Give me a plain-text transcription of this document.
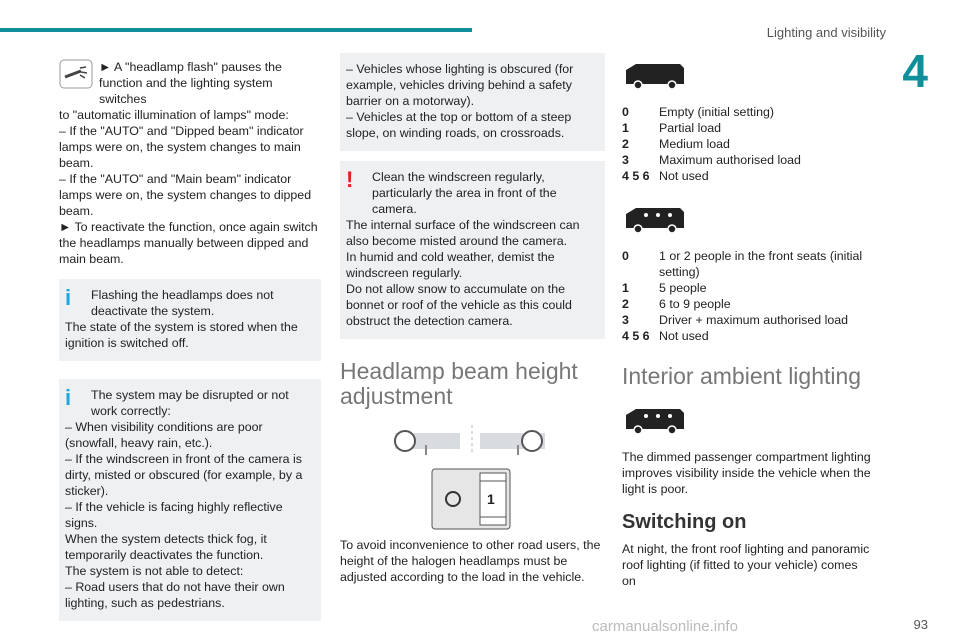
Lighting and visibility
4

► A "headlamp flash" pauses the

function and the lighting system switches

to "automatic illumination of lamps" mode:

– If the "AUTO" and "Dipped beam" indicator lamps were on, the system changes to main beam.

– If the "AUTO" and "Main beam" indicator lamps were on, the system changes to dipped beam.

► To reactivate the function, once again switch the headlamps manually between dipped and main beam.

i	Flashing the headlamps does not deactivate the system.

The state of the system is stored when the ignition is switched off.

i	The system may be disrupted or not work correctly:

– When visibility conditions are poor (snowfall, heavy rain, etc.).

– If the windscreen in front of the camera is dirty, misted or obscured (for example, by a sticker).

– If the vehicle is facing highly reflective signs.

When the system detects thick fog, it temporarily deactivates the function.

The system is not able to detect:

– Road users that do not have their own lighting, such as pedestrians.

– Vehicles whose lighting is obscured (for example, vehicles driving behind a safety barrier on a motorway).

– Vehicles at the top or bottom of a steep slope, on winding roads, on crossroads.

!	Clean the windscreen regularly, particularly the area in front of the camera.

The internal surface of the windscreen can also become misted around the camera.

In humid and cold weather, demist the windscreen regularly.

Do not allow snow to accumulate on the bonnet or roof of the vehicle as this could obstruct the detection camera.

Headlamp beam height adjustment
1

To avoid inconvenience to other road users, the height of the halogen headlamps must be adjusted according to the load in the vehicle.

0	Empty (initial setting)
1	Partial load
2	Medium load
3	Maximum authorised load
4 5 6	Not used
0	1 or 2 people in the front seats (initial setting)
1	5 people
2	6 to 9 people
3	Driver + maximum authorised load
4 5 6	Not used
Interior ambient lighting

The dimmed passenger compartment lighting improves visibility inside the vehicle when the light is poor.

Switching on

At night, the front roof lighting and panoramic roof lighting (if fitted to your vehicle) comes on

carmanualsonline.info	93
